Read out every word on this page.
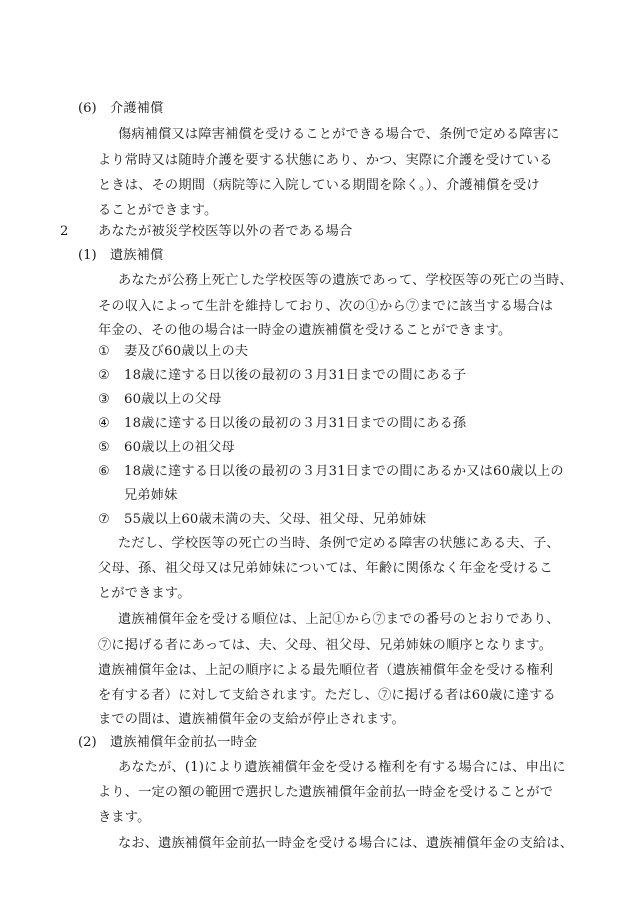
(6) 介護補償
傷病補償又は障害補償を受けることができる場合で、条例で定める障害に
より常時又は随時介護を要する状態にあり、かつ、実際に介護を受けている
ときは、その期間（病院等に入院している期間を除く。）、介護補償を受け
ることができます。
2 あなたが被災学校医等以外の者である場合
(1) 遺族補償
あなたが公務上死亡した学校医等の遺族であって、学校医等の死亡の当時、
その収入によって生計を維持しており、次の①から⑦までに該当する場合は
年金の、その他の場合は一時金の遺族補償を受けることができます。
① 妻及び60歳以上の夫
② 18歳に達する日以後の最初の３月31日までの間にある子
③ 60歳以上の父母
④ 18歳に達する日以後の最初の３月31日までの間にある孫
⑤ 60歳以上の祖父母
⑥ 18歳に達する日以後の最初の３月31日までの間にあるか又は60歳以上の
兄弟姉妹
⑦ 55歳以上60歳未満の夫、父母、祖父母、兄弟姉妹
ただし、学校医等の死亡の当時、条例で定める障害の状態にある夫、子、
父母、孫、祖父母又は兄弟姉妹については、年齢に関係なく年金を受けるこ
とができます。
遺族補償年金を受ける順位は、上記①から⑦までの番号のとおりであり、
⑦に掲げる者にあっては、夫、父母、祖父母、兄弟姉妹の順序となります。
遺族補償年金は、上記の順序による最先順位者（遺族補償年金を受ける権利
を有する者）に対して支給されます。ただし、⑦に掲げる者は60歳に達する
までの間は、遺族補償年金の支給が停止されます。
(2) 遺族補償年金前払一時金
あなたが、(1)により遺族補償年金を受ける権利を有する場合には、申出に
より、一定の額の範囲で選択した遺族補償年金前払一時金を受けることがで
きます。
なお、遺族補償年金前払一時金を受ける場合には、遺族補償年金の支給は、
